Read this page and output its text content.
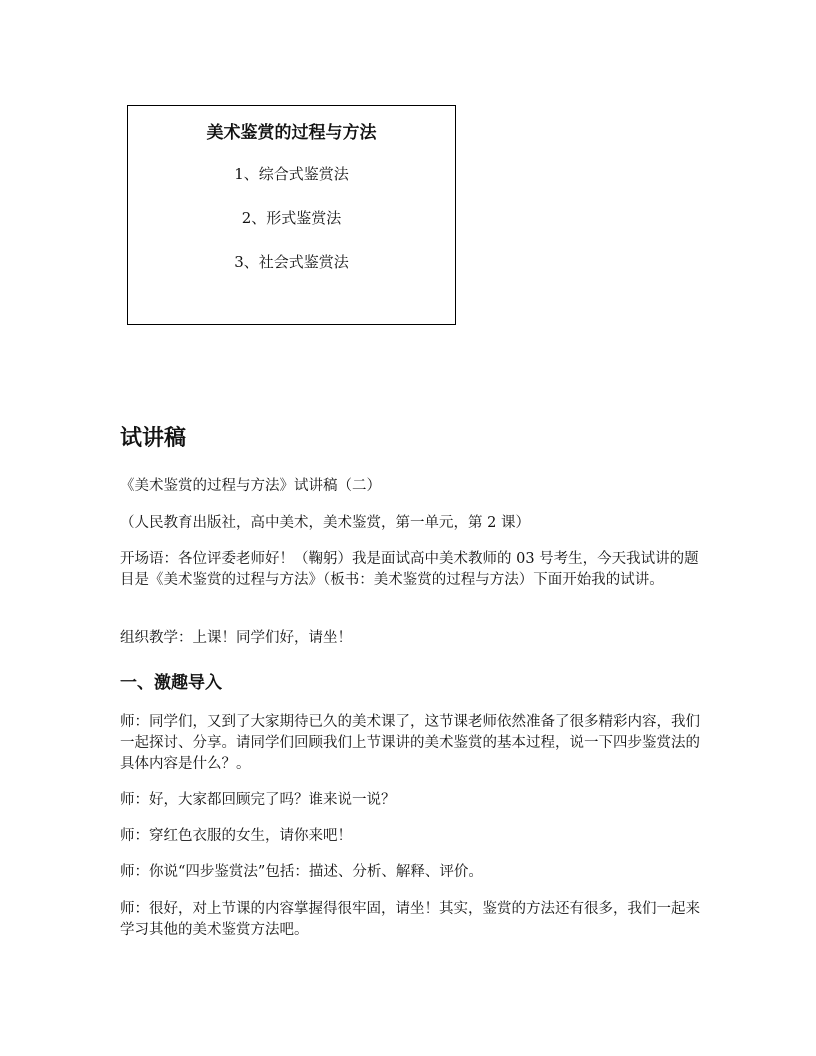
美术鉴赏的过程与方法
1、综合式鉴赏法
2、形式鉴赏法
3、社会式鉴赏法
试讲稿
《美术鉴赏的过程与方法》试讲稿（二）
（人民教育出版社，高中美术，美术鉴赏，第一单元，第 2 课）
开场语：各位评委老师好！（鞠躬）我是面试高中美术教师的 03 号考生，今天我试讲的题目是《美术鉴赏的过程与方法》（板书：美术鉴赏的过程与方法）下面开始我的试讲。
组织教学：上课！同学们好，请坐！
一、激趣导入
师：同学们，又到了大家期待已久的美术课了，这节课老师依然准备了很多精彩内容，我们一起探讨、分享。请同学们回顾我们上节课讲的美术鉴赏的基本过程，说一下四步鉴赏法的具体内容是什么？。
师：好，大家都回顾完了吗？谁来说一说？
师：穿红色衣服的女生，请你来吧！
师：你说“四步鉴赏法”包括：描述、分析、解释、评价。
师：很好，对上节课的内容掌握得很牢固，请坐！其实，鉴赏的方法还有很多，我们一起来学习其他的美术鉴赏方法吧。
